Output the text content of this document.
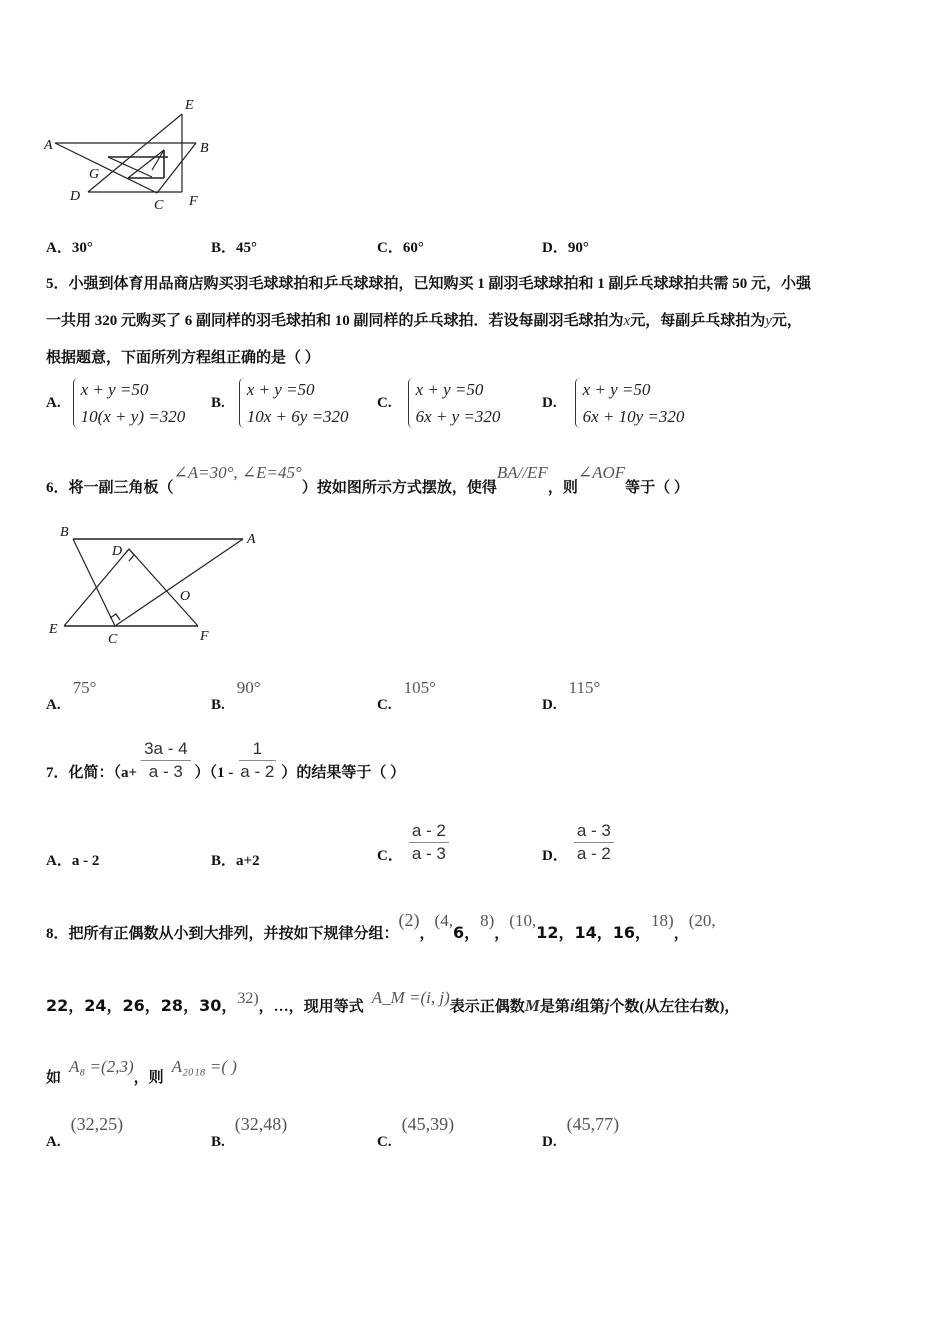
A	B
E
G
D
C F
A．30°	B．45°	C．60°	D．90°
5．小强到体育用品商店购买羽毛球球拍和乒乓球球拍，已知购买 1 副羽毛球球拍和 1 副乒乓球球拍共需 50 元，小强
一共用 320 元购买了 6 副同样的羽毛球拍和 10 副同样的乒乓球拍．若设每副羽毛球拍为x元，每副乒乓球拍为y元，
根据题意，下面所列方程组正确的是（ ）
A.
x + y =50
10(x + y) =320
B.
x + y =50
10x + 6y =320
C.
x + y =50
6x + y =320
D.
x + y =50
6x + 10y =320
6．将一副三角板（∠A=30°, ∠E=45°）按如图所示方式摆放，使得BA//EF，则∠AOF等于（ ）
B	A
D
O
E
C	F
A.75°
B.90°
C.105°
D.115°
7．化简：$(a+ \frac{3a - 4}{a - 3} )(1 - \frac{1}{a - 2}$ ）的结果等于（ ）
A．a - 2	B．a+2	C． $\frac{a - 2}{a - 3}$	D． $\frac{a - 3}{a - 2}$
8．把所有正偶数从小到大排列，并按如下规律分组：(2)，(4,6，8)，(10,12，14，16，18)，(20,
22，24，26，28，30，32)，…，现用等式 A_M =(i, j)表示正偶数M是第i组第j个数(从左往右数)，
如A₈ =(2,3)，则A₂₀₁₈ =( )
A.(32,25)
B.(32,48)
C.(45,39)
D.(45,77)
